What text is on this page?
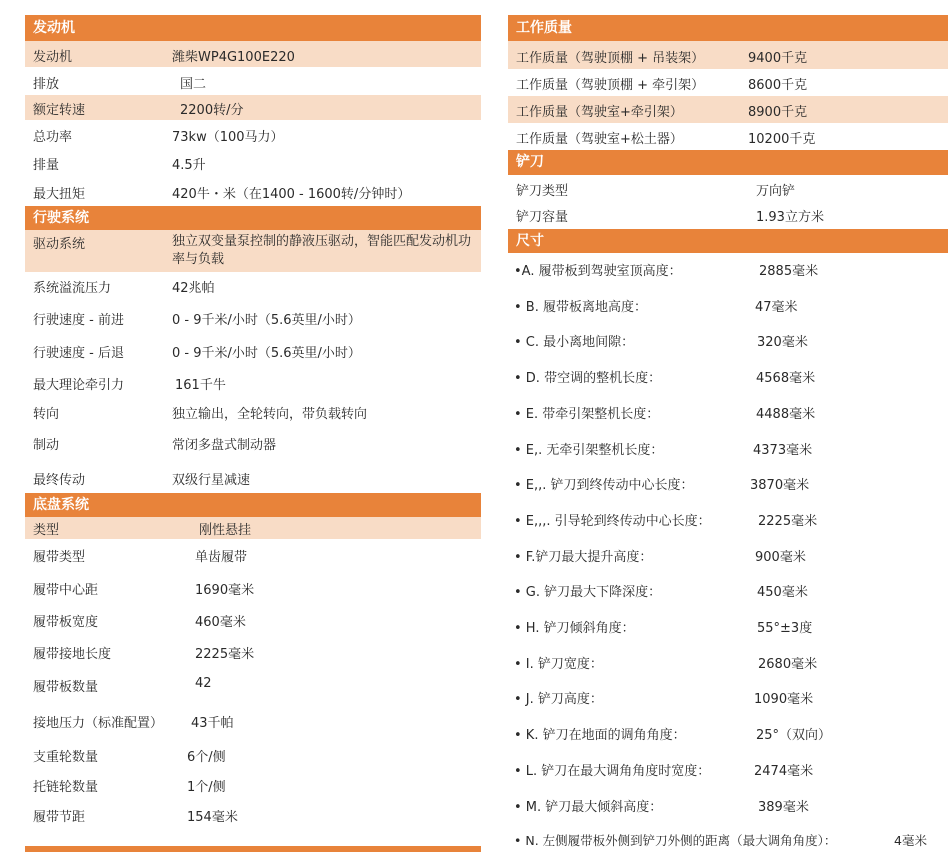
发动机
发动机	潍柴WP4G100E220
排放	国二
额定转速	2200转/分
总功率	73kw（100马力）
排量	4.5升
最大扭矩	420牛・米（在1400 - 1600转/分钟时）
行驶系统
驱动系统	独立双变量泵控制的静液压驱动，智能匹配发动机功率与负载
系统溢流压力	42兆帕
行驶速度 - 前进	0 - 9千米/小时（5.6英里/小时）
行驶速度 - 后退	0 - 9千米/小时（5.6英里/小时）
最大理论牵引力	161千牛
转向	独立输出，全轮转向，带负载转向
制动	常闭多盘式制动器
最终传动	双级行星减速
底盘系统
类型	刚性悬挂
履带类型	单齿履带
履带中心距	1690毫米
履带板宽度	460毫米
履带接地长度	2225毫米
履带板数量	42
接地压力（标准配置） 43千帕
支重轮数量	6个/侧
托链轮数量	1个/侧
履带节距	154毫米
工作质量
工作质量（驾驶顶棚 + 吊装架）	9400千克
工作质量（驾驶顶棚 + 牵引架）	8600千克
工作质量（驾驶室+牵引架）	8900千克
工作质量（驾驶室+松土器）	10200千克
铲刀
铲刀类型	万向铲
铲刀容量	1.93立方米
尺寸
•A. 履带板到驾驶室顶高度：	2885毫米
• B. 履带板离地高度：	47毫米
• C. 最小离地间隙：	320毫米
• D. 带空调的整机长度：	4568毫米
• E. 带牵引架整机长度：	4488毫米
• E,. 无牵引架整机长度：	4373毫米
• E,,. 铲刀到终传动中心长度：	3870毫米
• E,,,. 引导轮到终传动中心长度：	2225毫米
• F.铲刀最大提升高度：	900毫米
• G. 铲刀最大下降深度：	450毫米
• H. 铲刀倾斜角度：	55°±3度
• I. 铲刀宽度：	2680毫米
• J. 铲刀高度：	1090毫米
• K. 铲刀在地面的调角角度：	25°（双向）
• L. 铲刀在最大调角角度时宽度：	2474毫米
• M. 铲刀最大倾斜高度：	389毫米
• N. 左侧履带板外侧到铲刀外侧的距离（最大调角角度）：	4毫米
